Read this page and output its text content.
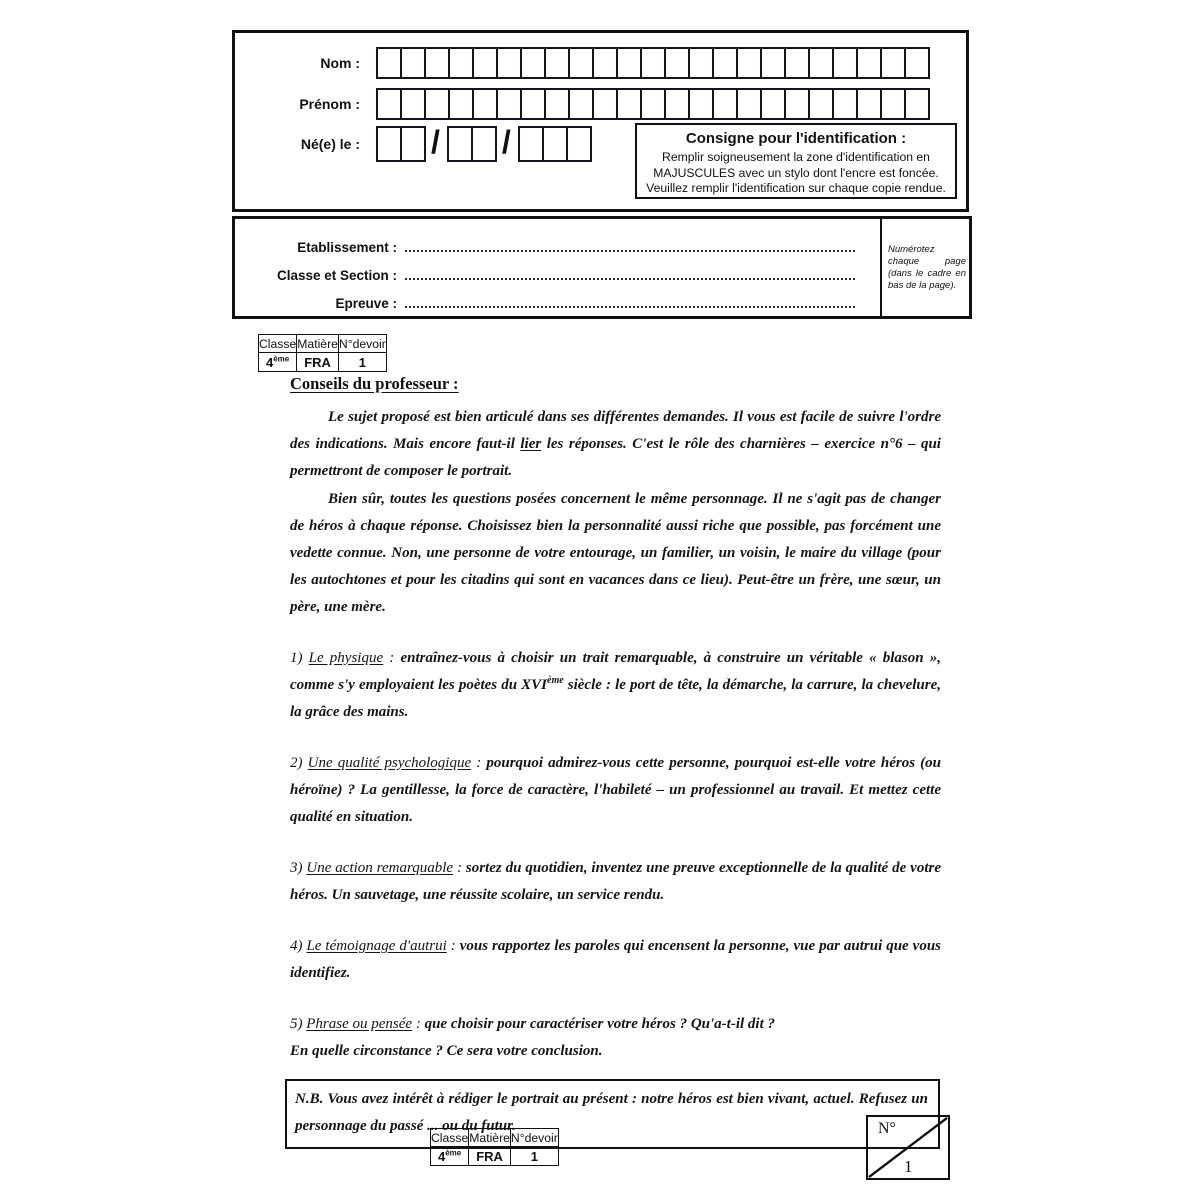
Nom :
Prénom :
Né(e) le :	/ /	Consigne pour l'identification :
Remplir soigneusement la zone d'identification en
MAJUSCULES avec un stylo dont l'encre est foncée.
Veuillez remplir l'identification sur chaque copie rendue.
Etablissement :
Classe et Section :
Epreuve :
Numérotez chaque page (dans le cadre en bas de la page).
Classe	Matière	N°devoir
4ème	FRA	1
Conseils du professeur :

Le sujet proposé est bien articulé dans ses différentes demandes. Il vous est facile de suivre l'ordre des indications. Mais encore faut-il lier les réponses. C'est le rôle des charnières – exercice n°6 – qui permettront de composer le portrait.

Bien sûr, toutes les questions posées concernent le même personnage. Il ne s'agit pas de changer de héros à chaque réponse. Choisissez bien la personnalité aussi riche que possible, pas forcément une vedette connue. Non, une personne de votre entourage, un familier, un voisin, le maire du village (pour les autochtones et pour les citadins qui sont en vacances dans ce lieu). Peut-être un frère, une sœur, un père, une mère.

1) Le physique : entraînez-vous à choisir un trait remarquable, à construire un véritable « blason », comme s'y employaient les poètes du XVIème siècle : le port de tête, la démarche, la carrure, la chevelure, la grâce des mains.
2) Une qualité psychologique : pourquoi admirez-vous cette personne, pourquoi est-elle votre héros (ou héroïne) ? La gentillesse, la force de caractère, l'habileté – un professionnel au travail. Et mettez cette qualité en situation.
3) Une action remarquable : sortez du quotidien, inventez une preuve exceptionnelle de la qualité de votre héros. Un sauvetage, une réussite scolaire, un service rendu.
4) Le témoignage d'autrui : vous rapportez les paroles qui encensent la personne, vue par autrui que vous identifiez.
5) Phrase ou pensée : que choisir pour caractériser votre héros ? Qu'a-t-il dit ?
En quelle circonstance ? Ce sera votre conclusion.
N.B. Vous avez intérêt à rédiger le portrait au présent : notre héros est bien vivant, actuel. Refusez un personnage du passé ... ou du futur.
Classe	Matière	N°devoir
4ème	FRA	1
N°
1
